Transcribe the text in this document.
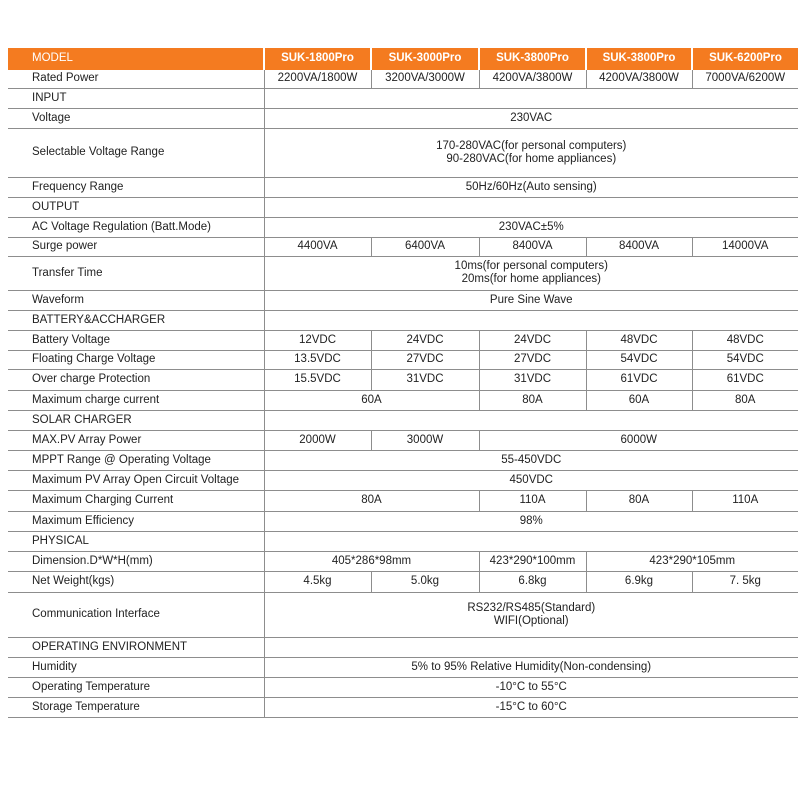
MODEL	SUK-1800Pro	SUK-3000Pro	SUK-3800Pro	SUK-3800Pro	SUK-6200Pro
Rated Power	2200VA/1800W	3200VA/3000W	4200VA/3800W	4200VA/3800W	7000VA/6200W
INPUT					
Voltage	230VAC				
Selectable Voltage Range	170-280VAC(for personal computers)
90-280VAC(for home appliances)				

Frequency Range	50Hz/60Hz(Auto sensing)				
OUTPUT					
AC Voltage Regulation (Batt.Mode)	230VAC±5%				
Surge power	4400VA	6400VA	8400VA	8400VA	14000VA
Transfer Time	10ms(for personal computers)
20ms(for home appliances)				

Waveform	Pure Sine Wave				
BATTERY&ACCHARGER					
Battery Voltage	12VDC	24VDC	24VDC	48VDC	48VDC
Floating Charge Voltage	13.5VDC	27VDC	27VDC	54VDC	54VDC
Over charge Protection	15.5VDC	31VDC	31VDC	61VDC	61VDC
Maximum charge current	60A		80A	60A	80A
SOLAR CHARGER					
MAX.PV Array Power	2000W	3000W	6000W		
MPPT Range @ Operating Voltage	55-450VDC				
Maximum PV Array Open Circuit Voltage	450VDC				
Maximum Charging Current	80A		110A	80A	110A
Maximum Efficiency	98%				
PHYSICAL					
Dimension.D*W*H(mm)	405*286*98mm		423*290*100mm	423*290*105mm	
Net Weight(kgs)	4.5kg	5.0kg	6.8kg	6.9kg	7. 5kg
Communication Interface	RS232/RS485(Standard)
WIFI(Optional)				

OPERATING ENVIRONMENT					
Humidity	5% to 95% Relative Humidity(Non-condensing)				
Operating Temperature	-10°C to 55°C				
Storage Temperature	-15°C to 60°C				
